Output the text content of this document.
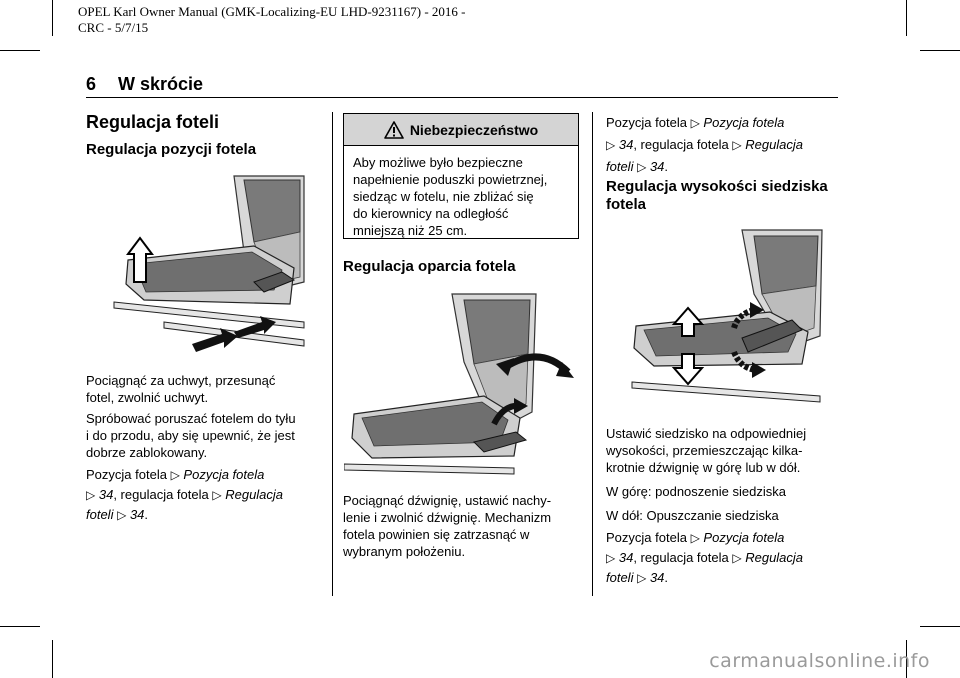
OPEL Karl Owner Manual (GMK-Localizing-EU LHD-9231167) - 2016 -
CRC - 5/7/15
6 W skrócie
Regulacja foteli
Regulacja pozycji fotela

Pociągnąć za uchwyt, przesunąć
fotel, zwolnić uchwyt.

Spróbować poruszać fotelem do tyłu
i do przodu, aby się upewnić, że jest
dobrze zablokowany.

Pozycja fotela ▷ Pozycja fotela
▷ 34, regulacja fotela ▷ Regulacja
foteli ▷ 34.

Niebezpieczeństwo
Aby możliwe było bezpieczne
napełnienie poduszki powietrznej,
siedząc w fotelu, nie zbliżać się
do kierownicy na odległość
mniejszą niż 25 cm.
Regulacja oparcia fotela

Pociągnąć dźwignię, ustawić nachy-
lenie i zwolnić dźwignię. Mechanizm
fotela powinien się zatrzasnąć w
wybranym położeniu.

Pozycja fotela ▷ Pozycja fotela
▷ 34, regulacja fotela ▷ Regulacja
foteli ▷ 34.

Regulacja wysokości siedziska
fotela

Ustawić siedzisko na odpowiedniej
wysokości, przemieszczając kilka-
krotnie dźwignię w górę lub w dół.

W górę: podnoszenie siedziska

W dół: Opuszczanie siedziska

Pozycja fotela ▷ Pozycja fotela
▷ 34, regulacja fotela ▷ Regulacja
foteli ▷ 34.

carmanualsonline.info
